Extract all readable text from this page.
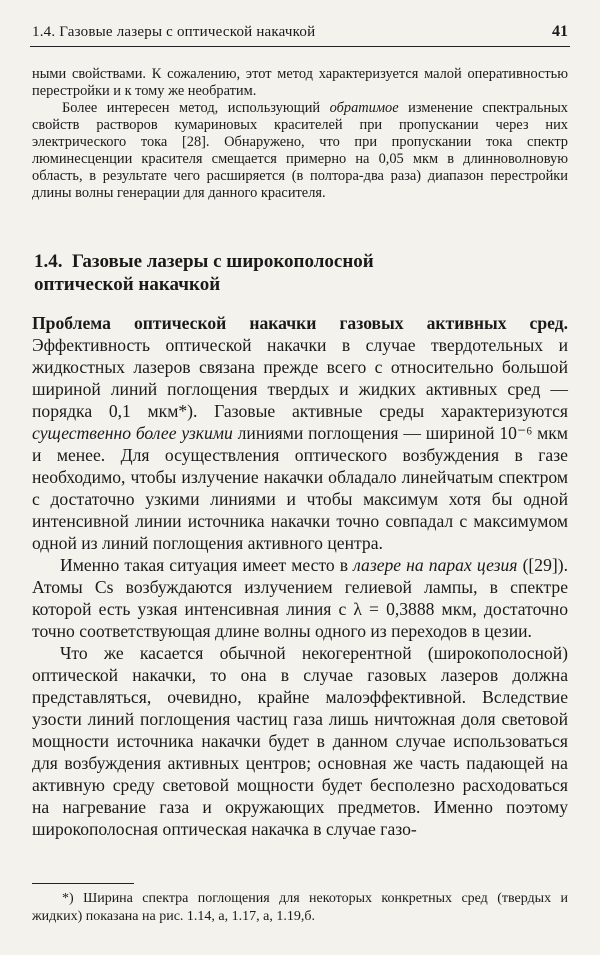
1.4. Газовые лазеры с оптической накачкой	41

ными свойствами. К сожалению, этот метод характеризуется малой оперативностью перестройки и к тому же необратим.

Более интересен метод, использующий обратимое изменение спектральных свойств растворов кумариновых красителей при пропускании через них электрического тока [28]. Обнаружено, что при пропускании тока спектр люминесценции красителя смещается примерно на 0,05 мкм в длинноволновую область, в результате чего расширяется (в полтора-два раза) диапазон перестройки длины волны генерации для данного красителя.

1.4. Газовые лазеры с широкополосной
оптической накачкой

Проблема оптической накачки газовых активных сред. Эффективность оптической накачки в случае твердотельных и жидкостных лазеров связана прежде всего с относительно большой шириной линий поглощения твердых и жидких активных сред — порядка 0,1 мкм*). Газовые активные среды характеризуются существенно более узкими линиями поглощения — шириной 10⁻⁶ мкм и менее. Для осуществления оптического возбуждения в газе необходимо, чтобы излучение накачки обладало линейчатым спектром с достаточно узкими линиями и чтобы максимум хотя бы одной интенсивной линии источника накачки точно совпадал с максимумом одной из линий поглощения активного центра.

Именно такая ситуация имеет место в лазере на парах цезия ([29]). Атомы Cs возбуждаются излучением гелиевой лампы, в спектре которой есть узкая интенсивная линия с λ = 0,3888 мкм, достаточно точно соответствующая длине волны одного из переходов в цезии.

Что же касается обычной некогерентной (широкополосной) оптической накачки, то она в случае газовых лазеров должна представляться, очевидно, крайне малоэффективной. Вследствие узости линий поглощения частиц газа лишь ничтожная доля световой мощности источника накачки будет в данном случае использоваться для возбуждения активных центров; основная же часть падающей на активную среду световой мощности будет бесполезно расходоваться на нагревание газа и окружающих предметов. Именно поэтому широкополосная оптическая накачка в случае газо-

*) Ширина спектра поглощения для некоторых конкретных сред (твердых и жидких) показана на рис. 1.14, а, 1.17, а, 1.19,б.
